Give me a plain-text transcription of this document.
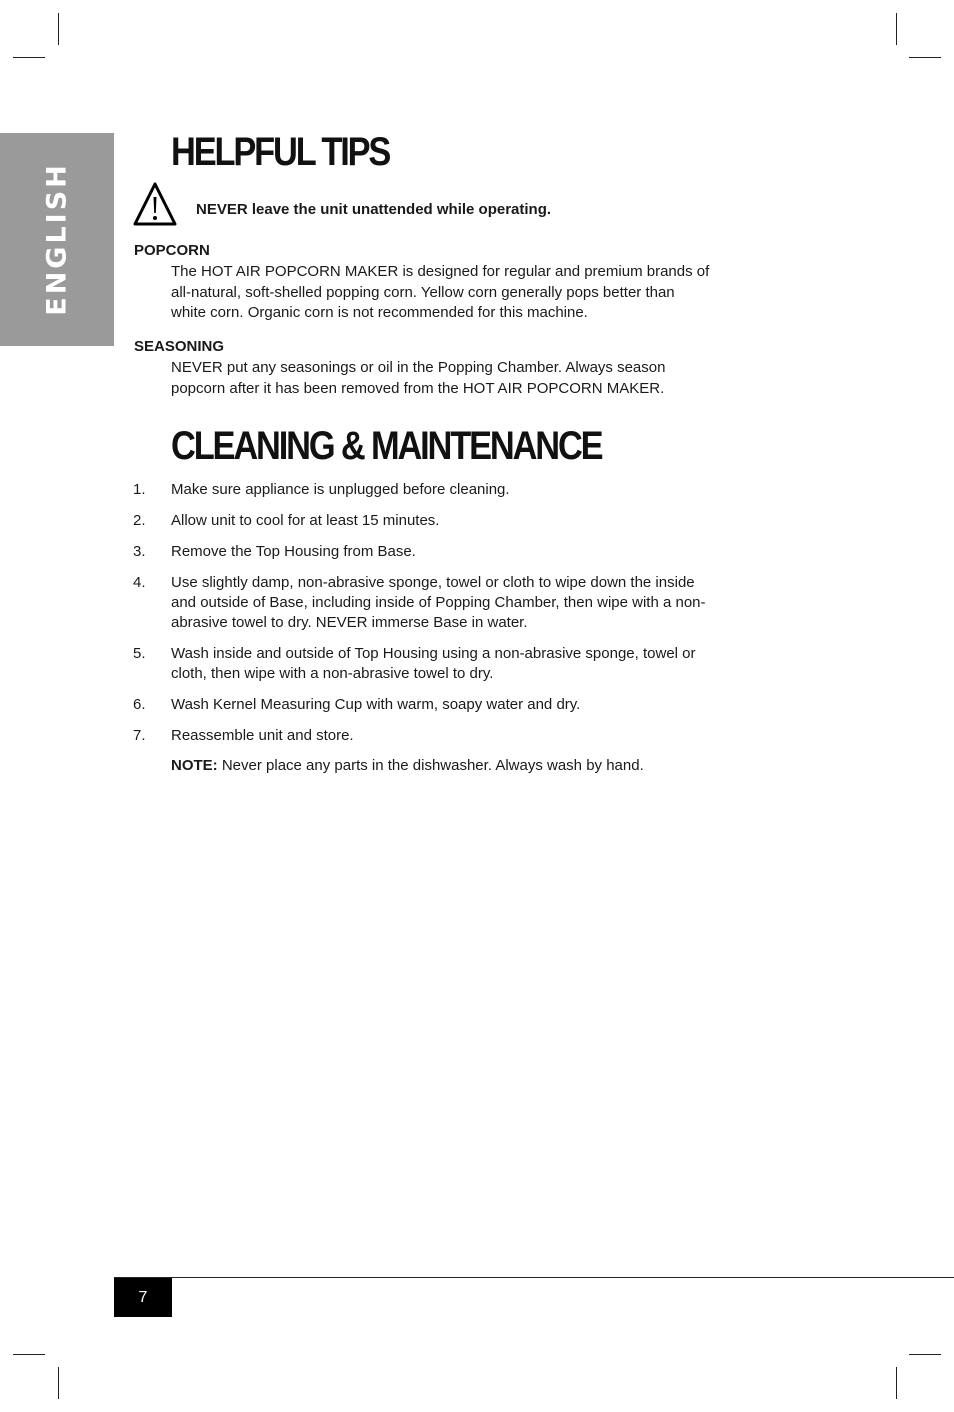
ENGLISH
HELPFUL TIPS
NEVER leave the unit unattended while operating.
POPCORN
The HOT AIR POPCORN MAKER is designed for regular and premium brands of all-natural, soft-shelled popping corn. Yellow corn generally pops better than white corn. Organic corn is not recommended for this machine.
SEASONING
NEVER put any seasonings or oil in the Popping Chamber. Always season popcorn after it has been removed from the HOT AIR POPCORN MAKER.
CLEANING & MAINTENANCE
1. Make sure appliance is unplugged before cleaning.
2. Allow unit to cool for at least 15 minutes.
3. Remove the Top Housing from Base.
4. Use slightly damp, non-abrasive sponge, towel or cloth to wipe down the inside and outside of Base, including inside of Popping Chamber, then wipe with a non-abrasive towel to dry. NEVER immerse Base in water.
5. Wash inside and outside of Top Housing using a non-abrasive sponge, towel or cloth, then wipe with a non-abrasive towel to dry.
6. Wash Kernel Measuring Cup with warm, soapy water and dry.
7. Reassemble unit and store.
NOTE: Never place any parts in the dishwasher. Always wash by hand.
7
